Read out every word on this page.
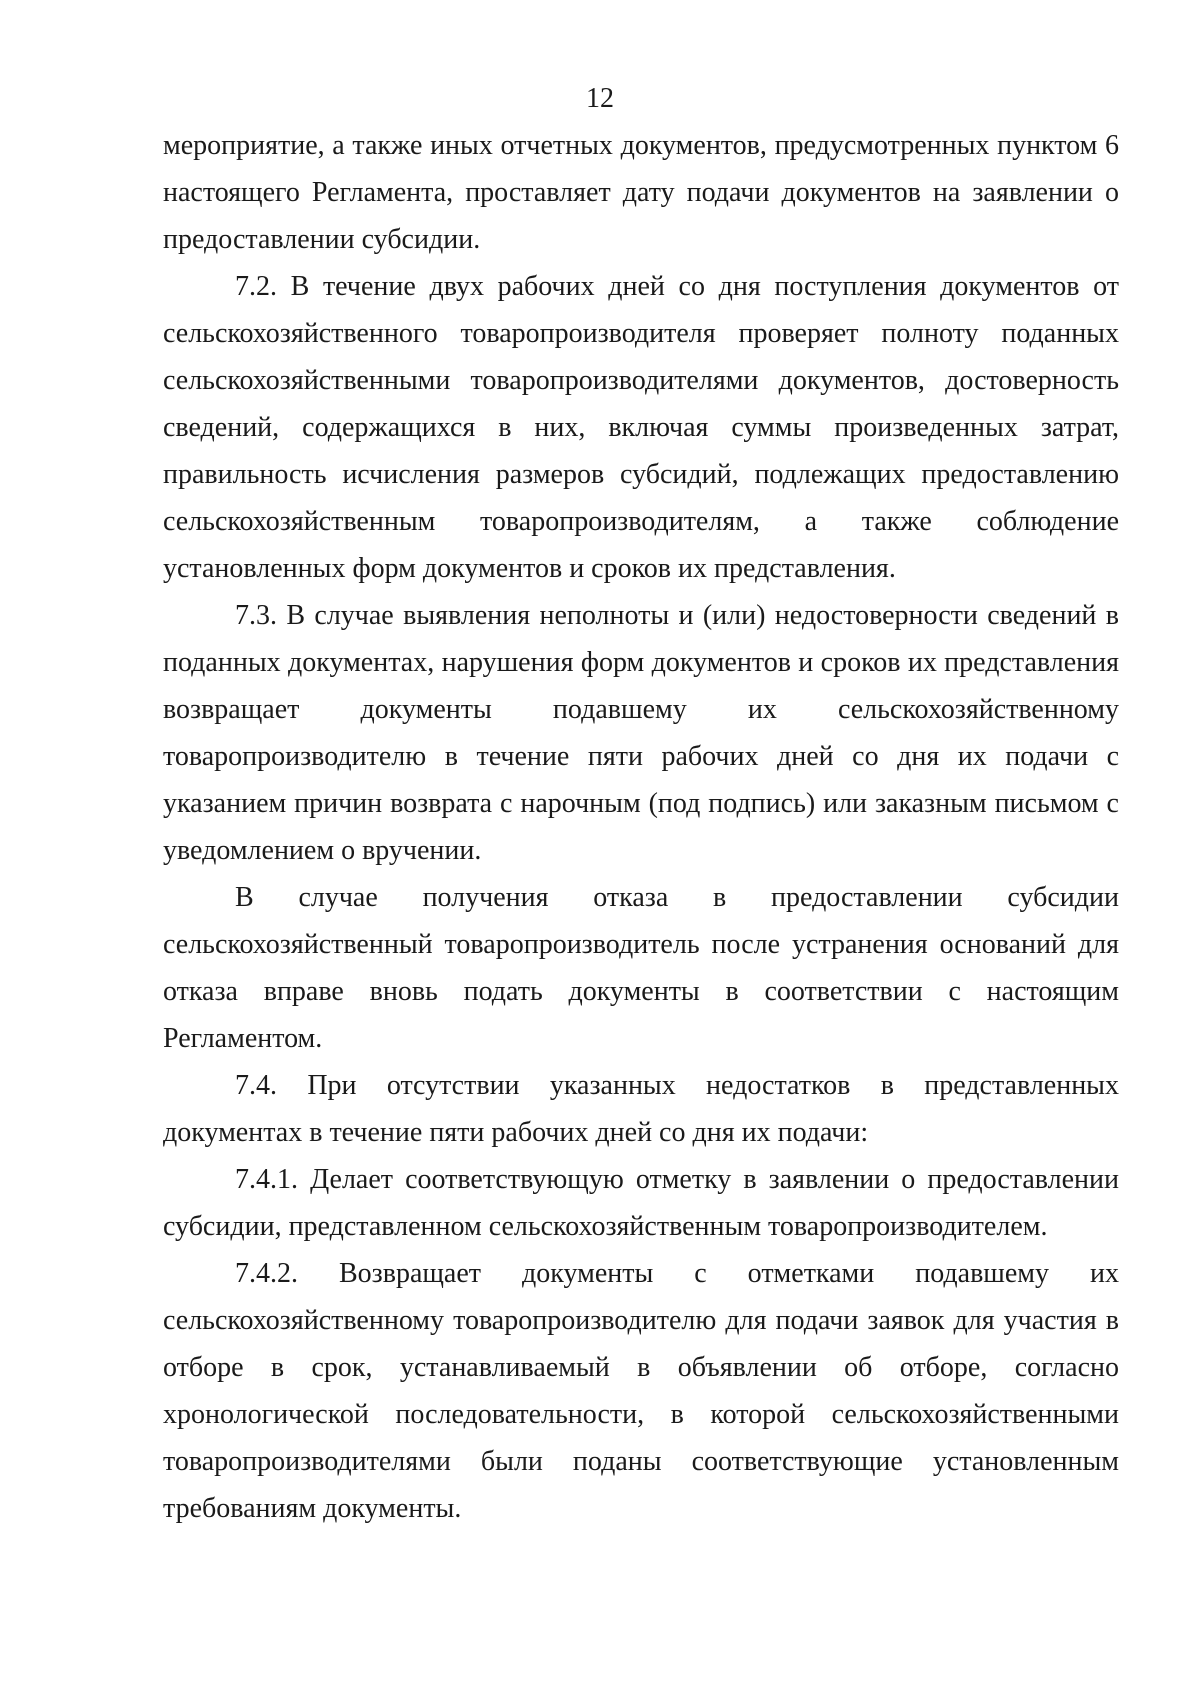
12

мероприятие, а также иных отчетных документов, предусмотренных пунктом 6 настоящего Регламента, проставляет дату подачи документов на заявлении о предоставлении субсидии.

7.2. В течение двух рабочих дней со дня поступления документов от сельскохозяйственного товаропроизводителя проверяет полноту поданных сельскохозяйственными товаропроизводителями документов, достоверность сведений, содержащихся в них, включая суммы произведенных затрат, правильность исчисления размеров субсидий, подлежащих предоставлению сельскохозяйственным товаропроизводителям, а также соблюдение установленных форм документов и сроков их представления.

7.3. В случае выявления неполноты и (или) недостоверности сведений в поданных документах, нарушения форм документов и сроков их представления возвращает документы подавшему их сельскохозяйственному товаропроизводителю в течение пяти рабочих дней со дня их подачи с указанием причин возврата с нарочным (под подпись) или заказным письмом с уведомлением о вручении.

В случае получения отказа в предоставлении субсидии сельскохозяйственный товаропроизводитель после устранения оснований для отказа вправе вновь подать документы в соответствии с настоящим Регламентом.

7.4. При отсутствии указанных недостатков в представленных документах в течение пяти рабочих дней со дня их подачи:

7.4.1. Делает соответствующую отметку в заявлении о предоставлении субсидии, представленном сельскохозяйственным товаропроизводителем.

7.4.2. Возвращает документы с отметками подавшему их сельскохозяйственному товаропроизводителю для подачи заявок для участия в отборе в срок, устанавливаемый в объявлении об отборе, согласно хронологической последовательности, в которой сельскохозяйственными товаропроизводителями были поданы соответствующие установленным требованиям документы.
